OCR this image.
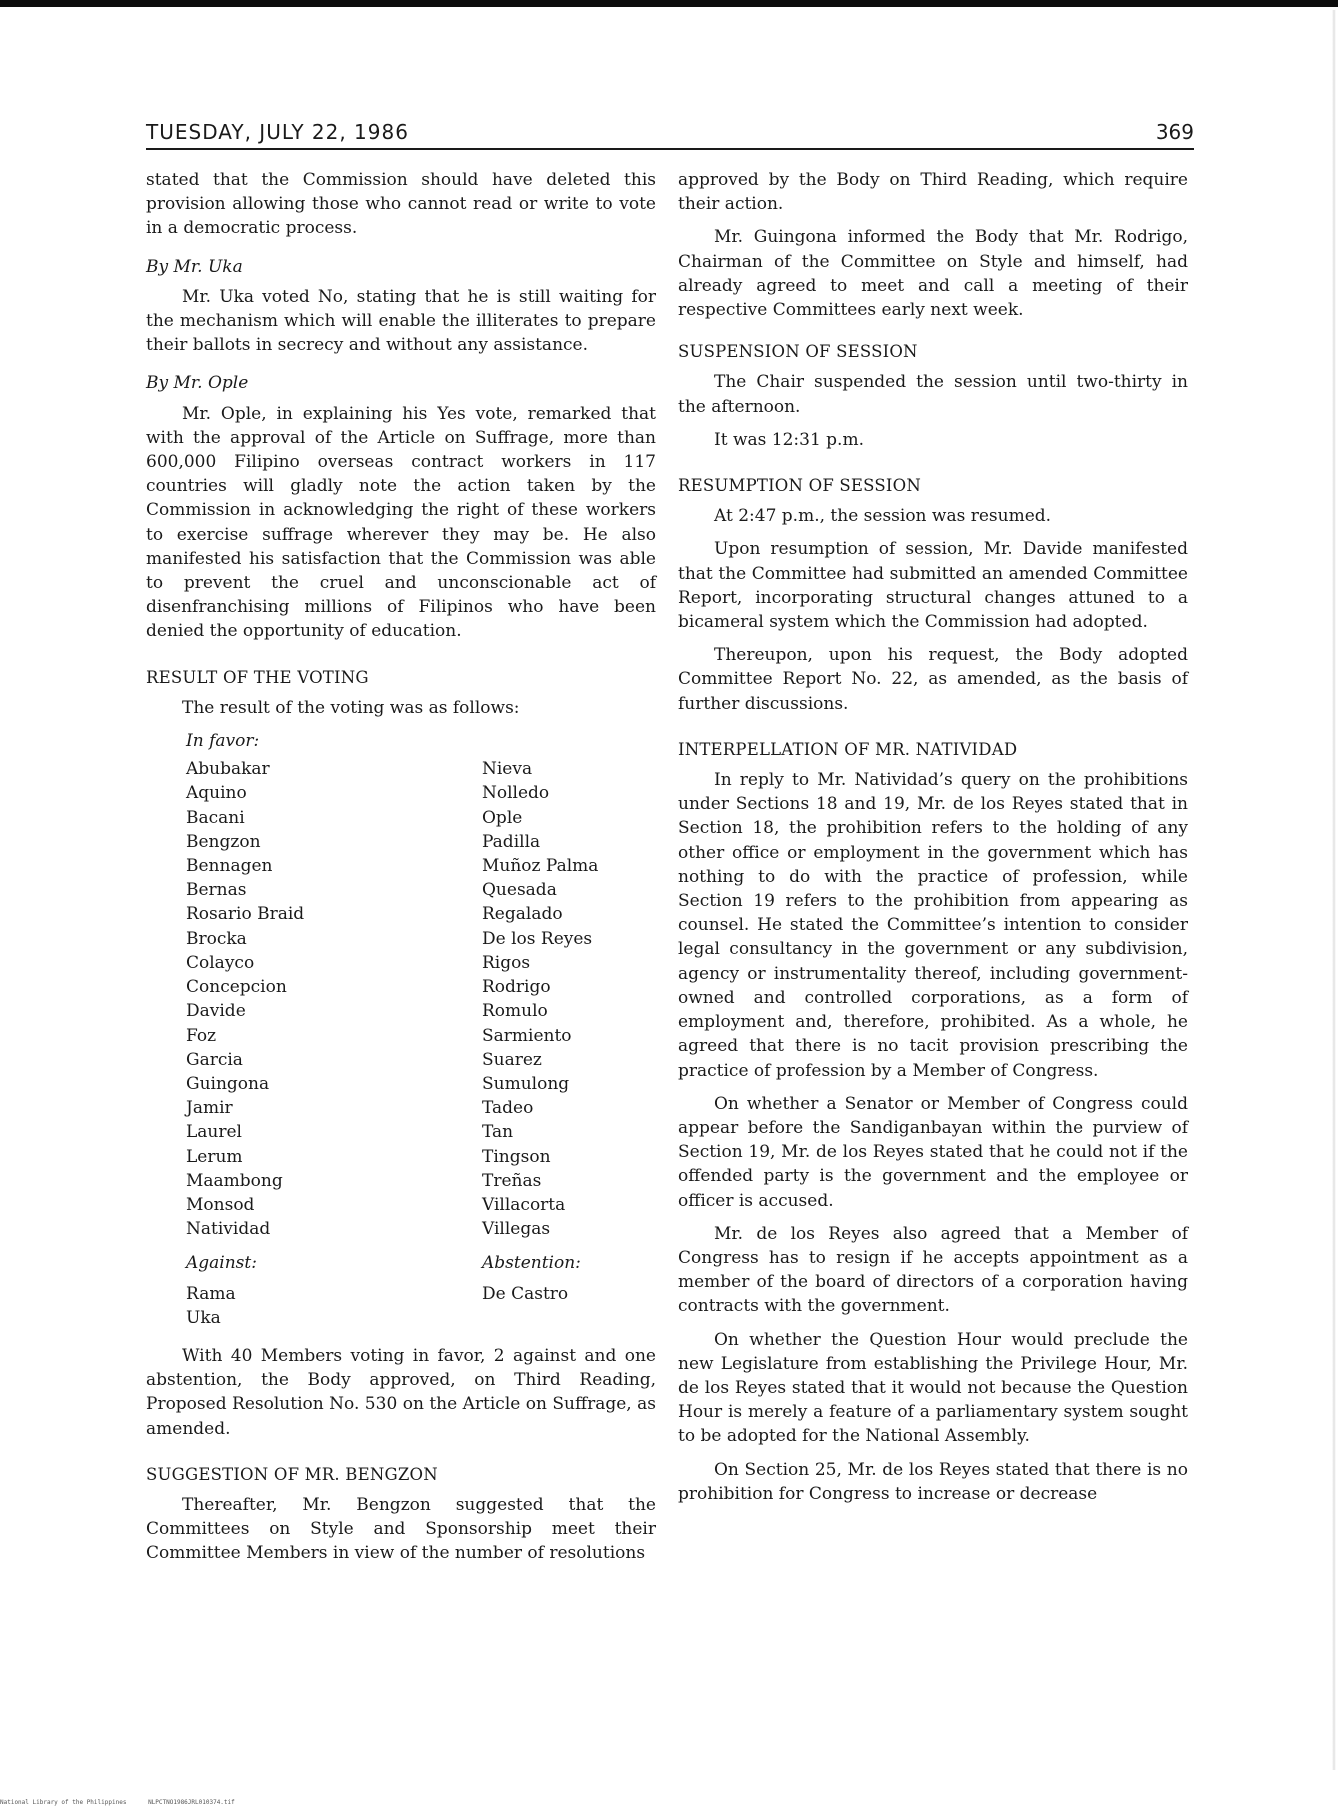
TUESDAY, JULY 22, 1986	369

stated that the Commission should have deleted this provision allowing those who cannot read or write to vote in a democratic process.

By Mr. Uka

Mr. Uka voted No, stating that he is still waiting for the mechanism which will enable the illiterates to prepare their ballots in secrecy and without any assistance.

By Mr. Ople

Mr. Ople, in explaining his Yes vote, remarked that with the approval of the Article on Suffrage, more than 600,000 Filipino overseas contract workers in 117 countries will gladly note the action taken by the Commission in acknowledging the right of these workers to exercise suffrage wherever they may be. He also manifested his satisfaction that the Commission was able to prevent the cruel and unconscionable act of disenfranchising millions of Filipinos who have been denied the opportunity of education.

RESULT OF THE VOTING

The result of the voting was as follows:

In favor:
Abubakar
Aquino
Bacani
Bengzon
Bennagen
Bernas
Rosario Braid
Brocka
Colayco
Concepcion
Davide
Foz
Garcia
Guingona
Jamir
Laurel
Lerum
Maambong
Monsod
Natividad
Nieva
Nolledo
Ople
Padilla
Muñoz Palma
Quesada
Regalado
De los Reyes
Rigos
Rodrigo
Romulo
Sarmiento
Suarez
Sumulong
Tadeo
Tan
Tingson
Treñas
Villacorta
Villegas
Against:
Rama
Uka
Abstention:
De Castro

With 40 Members voting in favor, 2 against and one abstention, the Body approved, on Third Reading, Proposed Resolution No. 530 on the Article on Suffrage, as amended.

SUGGESTION OF MR. BENGZON

Thereafter, Mr. Bengzon suggested that the Committees on Style and Sponsorship meet their Committee Members in view of the number of resolutions

approved by the Body on Third Reading, which require their action.

Mr. Guingona informed the Body that Mr. Rodrigo, Chairman of the Committee on Style and himself, had already agreed to meet and call a meeting of their respective Committees early next week.

SUSPENSION OF SESSION

The Chair suspended the session until two-thirty in the afternoon.

It was 12:31 p.m.

RESUMPTION OF SESSION

At 2:47 p.m., the session was resumed.

Upon resumption of session, Mr. Davide manifested that the Committee had submitted an amended Committee Report, incorporating structural changes attuned to a bicameral system which the Commission had adopted.

Thereupon, upon his request, the Body adopted Committee Report No. 22, as amended, as the basis of further discussions.

INTERPELLATION OF MR. NATIVIDAD

In reply to Mr. Natividad’s query on the prohibitions under Sections 18 and 19, Mr. de los Reyes stated that in Section 18, the prohibition refers to the holding of any other office or employment in the government which has nothing to do with the practice of profession, while Section 19 refers to the prohibition from appearing as counsel. He stated the Committee’s intention to consider legal consultancy in the government or any subdivision, agency or instrumentality thereof, including government-owned and controlled corporations, as a form of employment and, therefore, prohibited. As a whole, he agreed that there is no tacit provision prescribing the practice of profession by a Member of Congress.

On whether a Senator or Member of Congress could appear before the Sandiganbayan within the purview of Section 19, Mr. de los Reyes stated that he could not if the offended party is the government and the employee or officer is accused.

Mr. de los Reyes also agreed that a Member of Congress has to resign if he accepts appointment as a member of the board of directors of a corporation having contracts with the government.

On whether the Question Hour would preclude the new Legislature from establishing the Privilege Hour, Mr. de los Reyes stated that it would not because the Question Hour is merely a feature of a parliamentary system sought to be adopted for the National Assembly.

On Section 25, Mr. de los Reyes stated that there is no prohibition for Congress to increase or decrease

National Library of the Philippines	NLPCTNO1986JRL010374.tif
